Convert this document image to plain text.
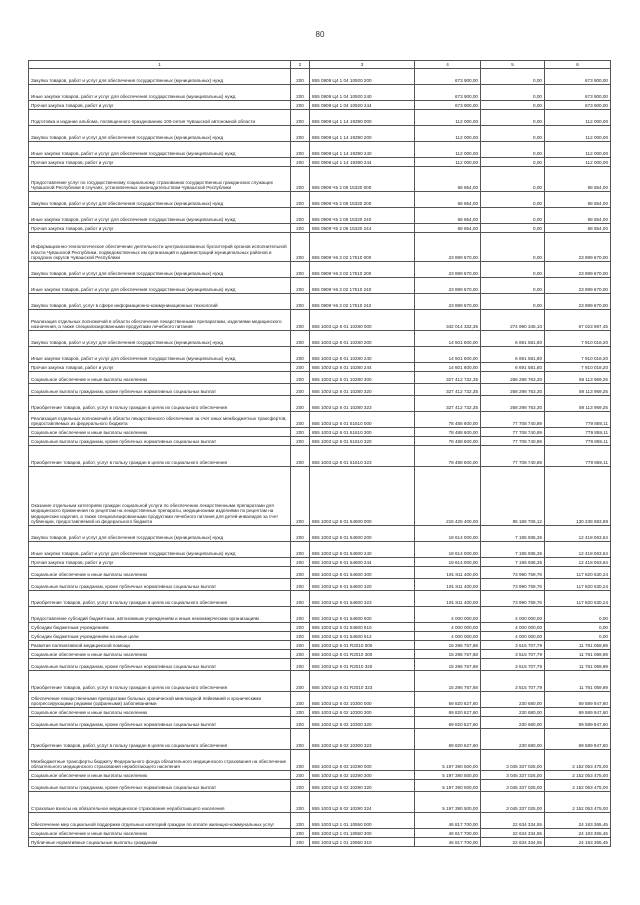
80
1	2	3	4	5	6
Закупка товаров, работ и услуг для обеспечения государственных (муниципальных) нужд	200	855 0909 Ц4 1 04 10920 200	673 900,00	0,00	673 900,00
Иные закупки товаров, работ и услуг для обеспечения государственных (муниципальных) нужд	200	855 0909 Ц4 1 04 10920 240	673 900,00	0,00	673 900,00
Прочая закупка товаров, работ и услуг	200	855 0909 Ц4 1 04 10920 244	673 900,00	0,00	673 900,00
Подготовка и издание альбома, посвященного празднованию 100-летия Чувашской автономной области	200	855 0909 Ц4 1 14 19390 000	112 000,00	0,00	112 000,00
Закупка товаров, работ и услуг для обеспечения государственных (муниципальных) нужд	200	855 0909 Ц4 1 14 19390 200	112 000,00	0,00	112 000,00
Иные закупки товаров, работ и услуг для обеспечения государственных (муниципальных) нужд	200	855 0909 Ц4 1 14 19390 240	112 000,00	0,00	112 000,00
Прочая закупка товаров, работ и услуг	200	855 0909 Ц4 1 14 19390 244	112 000,00	0,00	112 000,00
Предоставление услуг по государственному социальному страхованию государственных гражданских служащих Чувашской Республики в случаях, установленных законодательством Чувашской Республики	200	855 0909 Ч5 2 05 15320 000	68 854,00	0,00	68 854,00
Закупка товаров, работ и услуг для обеспечения государственных (муниципальных) нужд	200	855 0909 Ч5 2 05 15320 200	68 854,00	0,00	68 854,00
Иные закупки товаров, работ и услуг для обеспечения государственных (муниципальных) нужд	200	855 0909 Ч5 2 05 15320 240	68 854,00	0,00	68 854,00
Прочая закупка товаров, работ и услуг	200	855 0909 Ч5 2 05 15320 244	68 854,00	0,00	68 854,00
Информационно-технологическое обеспечение деятельности централизованных бухгалтерий органов исполнительной власти Чувашской Республики, подведомственных им организаций и администраций муниципальных районов и городских округов Чувашской Республики	200	855 0909 Ч6 2 02 17510 000	23 899 670,00	0,00	23 899 670,00
Закупка товаров, работ и услуг для обеспечения государственных (муниципальных) нужд	200	855 0909 Ч6 2 02 17510 200	23 899 670,00	0,00	23 899 670,00
Иные закупки товаров, работ и услуг для обеспечения государственных (муниципальных) нужд	200	855 0909 Ч6 2 02 17510 240	23 899 670,00	0,00	23 899 670,00
Закупка товаров, работ, услуг в сфере информационно-коммуникационных технологий	200	855 0909 Ч6 2 02 17510 242	23 899 670,00	0,00	23 899 670,00
Реализация отдельных полномочий в области обеспечения лекарственными препаратами, изделиями медицинского назначения, а также специализированными продуктами лечебного питания	200	855 1003 Ц2 6 01 10280 000	342 014 332,35	274 990 345,10	67 023 987,45
Закупка товаров, работ и услуг для обеспечения государственных (муниципальных) нужд	200	855 1003 Ц2 6 01 10280 200	14 601 600,00	6 691 581,80	7 910 018,20
Иные закупки товаров, работ и услуг для обеспечения государственных (муниципальных) нужд	200	855 1003 Ц2 6 01 10280 240	14 601 600,00	6 691 581,80	7 910 018,20
Прочая закупка товаров, работ и услуг	200	855 1003 Ц2 6 01 10280 244	14 601 600,00	6 691 581,80	7 910 018,20
Социальное обеспечение и иные выплаты населению	200	855 1003 Ц2 6 01 10280 300	327 412 732,35	268 298 763,30	59 113 969,25
Социальные выплаты гражданам, кроме публичных нормативных социальных выплат	200	855 1003 Ц2 6 01 10280 320	327 412 732,35	268 298 763,30	59 113 969,25
Приобретение товаров, работ, услуг в пользу граждан в целях их социального обеспечения	200	855 1003 Ц2 6 01 10280 323	327 412 732,35	268 298 763,30	59 113 969,25
Реализация отдельных полномочий в области лекарственного обеспечения за счет иных межбюджетных трансфертов, предоставляемых из федерального бюджета	200	855 1003 Ц2 6 01 51610 000	78 488 600,00	77 708 740,89	779 859,11
Социальное обеспечение и иные выплаты населению	200	855 1003 Ц2 6 01 51610 300	78 488 600,00	77 708 740,89	779 859,11
Социальные выплаты гражданам, кроме публичных нормативных социальных выплат	200	855 1003 Ц2 6 01 51610 320	78 488 600,00	77 708 740,89	779 859,11
Приобретение товаров, работ, услуг в пользу граждан в целях их социального обеспечения	200	855 1003 Ц2 6 01 51610 323	78 488 600,00	77 708 740,89	779 859,11
Оказание отдельным категориям граждан социальной услуги по обеспечению лекарственными препаратами для медицинского применения по рецептам на лекарственные препараты, медицинскими изделиями по рецептам на медицинские изделия, а также специализированными продуктами лечебного питания для детей-инвалидов за счет субвенции, предоставляемой из федерального бюджета	200	855 1003 Ц2 6 01 54600 000	215 425 400,00	85 186 706,12	130 238 693,88
Закупка товаров, работ и услуг для обеспечения государственных (муниципальных) нужд	200	855 1003 Ц2 6 01 54600 200	19 614 000,00	7 195 936,36	12 418 063,64
Иные закупки товаров, работ и услуг для обеспечения государственных (муниципальных) нужд	200	855 1003 Ц2 6 01 54600 240	19 614 000,00	7 195 936,36	12 418 063,64
Прочая закупка товаров, работ и услуг	200	855 1003 Ц2 6 01 54600 244	19 614 000,00	7 195 936,36	12 418 063,64
Социальное обеспечение и иные выплаты населению	200	855 1003 Ц2 6 01 54600 300	191 811 400,00	73 990 769,76	117 820 630,24
Социальные выплаты гражданам, кроме публичных нормативных социальных выплат	200	855 1003 Ц2 6 01 54600 320	191 811 400,00	73 990 769,76	117 820 630,24
Приобретение товаров, работ, услуг в пользу граждан в целях их социального обеспечения	200	855 1003 Ц2 6 01 54600 323	191 811 400,00	73 990 769,76	117 820 630,24
Предоставление субсидий бюджетным, автономным учреждениям и иным некоммерческим организациям	200	855 1003 Ц2 6 01 54600 600	4 000 000,00	4 000 000,00	0,00
Субсидии бюджетным учреждениям	200	855 1003 Ц2 6 01 54600 610	4 000 000,00	4 000 000,00	0,00
Субсидии бюджетным учреждениям на иные цели	200	855 1003 Ц2 6 01 54600 612	4 000 000,00	4 000 000,00	0,00
Развитие паллиативной медицинской помощи	200	855 1003 Ц2 6 01 R2010 000	15 296 767,68	3 515 707,79	11 781 059,89
Социальное обеспечение и иные выплаты населению	200	855 1003 Ц2 6 01 R2010 300	15 296 767,68	3 515 707,79	11 781 059,89
Социальные выплаты гражданам, кроме публичных нормативных социальных выплат	200	855 1003 Ц2 6 01 R2010 320	15 296 767,68	3 515 707,79	11 781 059,89
Приобретение товаров, работ, услуг в пользу граждан в целях их социального обеспечения	200	855 1003 Ц2 6 01 R2010 323	15 296 767,68	3 515 707,79	11 781 059,89
Обеспечение лекарственными препаратами больных хронической миелоидной лейкемией и хроническими прогрессирующими редкими (орфанными) заболеваниями	200	855 1003 Ц2 6 02 10300 000	69 820 627,60	230 680,00	69 589 947,60
Социальное обеспечение и иные выплаты населению	200	855 1003 Ц2 6 02 10300 300	69 820 627,60	230 680,00	69 589 947,60
Социальные выплаты гражданам, кроме публичных нормативных социальных выплат	200	855 1003 Ц2 6 02 10300 320	69 820 627,60	230 680,00	69 589 947,60
Приобретение товаров, работ, услуг в пользу граждан в целях их социального обеспечения	200	855 1003 Ц2 6 02 10300 323	69 820 627,60	230 680,00	69 589 947,60
Межбюджетные трансферты бюджету Федерального фонда обязательного медицинского страхования на обеспечение обязательного медицинского страхования неработающего населения	200	855 1003 Ц2 6 02 10290 000	5 197 390 500,00	3 045 337 025,00	2 152 053 475,00
Социальное обеспечение и иные выплаты населению	200	855 1003 Ц2 6 02 10290 300	5 197 390 500,00	3 045 337 025,00	2 152 053 475,00
Социальные выплаты гражданам, кроме публичных нормативных социальных выплат	200	855 1003 Ц2 6 02 10290 320	5 197 390 500,00	3 045 337 025,00	2 152 053 475,00
Страховые взносы на обязательное медицинское страхование неработающего населения	200	855 1003 Ц2 6 02 10290 324	5 197 390 500,00	3 045 337 025,00	2 152 053 475,00
Обеспечение мер социальной поддержки отдельных категорий граждан по оплате жилищно-коммунальных услуг	200	855 1003 Ц3 1 01 10550 000	46 817 700,00	22 634 334,55	24 183 365,45
Социальное обеспечение и иные выплаты населению	200	855 1003 Ц3 1 01 10550 300	46 817 700,00	22 634 334,55	24 183 365,45
Публичные нормативные социальные выплаты гражданам	200	855 1003 Ц3 1 01 10550 310	46 817 700,00	22 634 334,55	24 183 365,45
